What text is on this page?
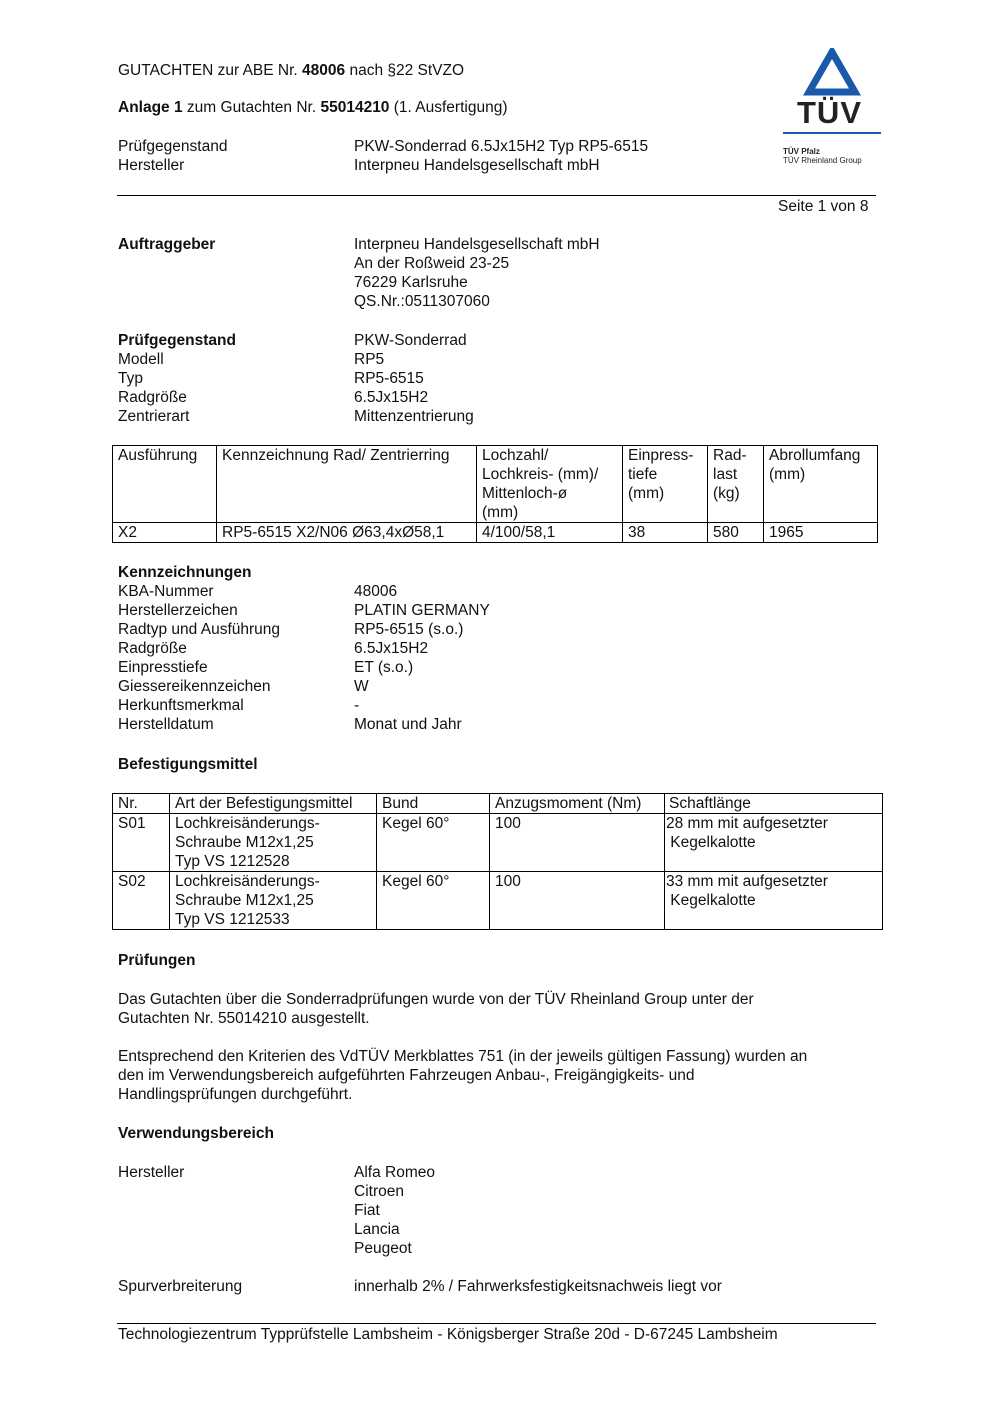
GUTACHTEN zur ABE Nr. 48006 nach §22 StVZO
Anlage 1 zum Gutachten Nr. 55014210 (1. Ausfertigung)
Prüfgegenstand	PKW-Sonderrad 6.5Jx15H2 Typ RP5-6515
Hersteller	Interpneu Handelsgesellschaft mbH
TÜV
TÜV Pfalz
TÜV Rheinland Group
Seite 1 von 8
Auftraggeber	Interpneu Handelsgesellschaft mbH
An der Roßweid 23-25
76229 Karlsruhe
QS.Nr.:0511307060
Prüfgegenstand	PKW-Sonderrad
Modell	RP5
Typ	RP5-6515
Radgröße	6.5Jx15H2
Zentrierart	Mittenzentrierung
Ausführung	Kennzeichnung Rad/ Zentrierring	Lochzahl/
Lochkreis- (mm)/
Mittenloch-ø
(mm)	Einpress-
tiefe
(mm)	Rad-
last
(kg)	Abrollumfang
(mm)
X2	RP5-6515 X2/N06 Ø63,4xØ58,1	4/100/58,1	38	580	1965
Kennzeichnungen
KBA-Nummer	48006
Herstellerzeichen	PLATIN GERMANY
Radtyp und Ausführung	RP5-6515 (s.o.)
Radgröße	6.5Jx15H2
Einpresstiefe	ET (s.o.)
Giessereikennzeichen	W
Herkunftsmerkmal	-
Herstelldatum	Monat und Jahr
Befestigungsmittel
Nr.	Art der Befestigungsmittel	Bund	Anzugsmoment (Nm)	Schaftlänge
S01	Lochkreisänderungs-
Schraube M12x1,25
Typ VS 1212528	Kegel 60°	100	28 mm mit aufgesetzter
Kegelkalotte
S02	Lochkreisänderungs-
Schraube M12x1,25
Typ VS 1212533	Kegel 60°	100	33 mm mit aufgesetzter
Kegelkalotte
Prüfungen
Das Gutachten über die Sonderradprüfungen wurde von der TÜV Rheinland Group unter der
Gutachten Nr. 55014210 ausgestellt.
Entsprechend den Kriterien des VdTÜV Merkblattes 751 (in der jeweils gültigen Fassung) wurden an
den im Verwendungsbereich aufgeführten Fahrzeugen Anbau-, Freigängigkeits- und
Handlingsprüfungen durchgeführt.
Verwendungsbereich
Hersteller	Alfa Romeo
Citroen
Fiat
Lancia
Peugeot
Spurverbreiterung	innerhalb 2% / Fahrwerksfestigkeitsnachweis liegt vor
Technologiezentrum Typprüfstelle Lambsheim - Königsberger Straße 20d - D-67245 Lambsheim
